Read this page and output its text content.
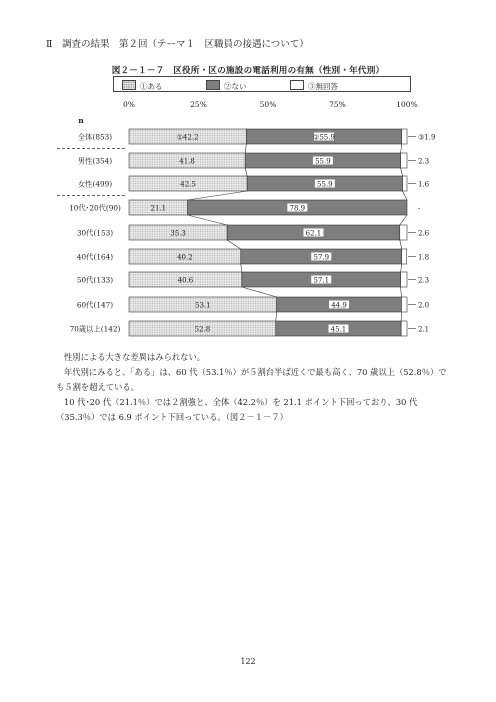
Ⅱ　調査の結果　第２回（テーマ１　区職員の接遇について）
図２－１－７　区役所・区の施設の電話利用の有無（性別・年代別）
①ある	②ない	③無回答
0%	25%	50%	75%	100%
n
全体(853)	①42.2	②55.9	③1.9
男性(354)	41.8	55.9	2.3
女性(499)	42.5	55.9	1.6
10代･20代(90)	21.1	78.9	-
30代(153)	35.3	62.1	2.6
40代(164)	40.2	57.9	1.8
50代(133)	40.6	57.1	2.3
60代(147)	53.1	44.9	2.0
70歳以上(142)	52.8	45.1	2.1

性別による大きな差異はみられない。

年代別にみると、「ある」は、60 代（53.1％）が５割台半ば近くで最も高く、70 歳以上（52.8％）でも５割を超えている。

10 代･20 代（21.1％）では２割強と、全体（42.2％）を 21.1 ポイント下回っており、30 代（35.3％）では 6.9 ポイント下回っている。（図２－１－７）

122
